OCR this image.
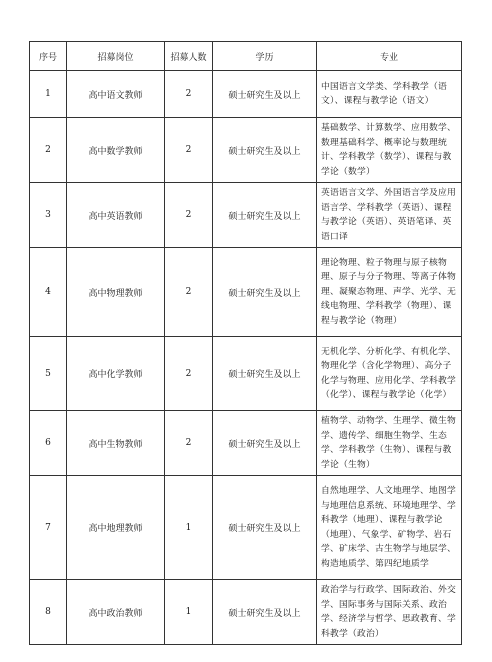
序号	招募岗位	招募人数	学历	专业
1	高中语文教师	2	硕士研究生及以上	中国语言文学类、学科教学（语文）、课程与教学论（语文）
2	高中数学教师	2	硕士研究生及以上	基础数学、计算数学、应用数学、数理基础科学、概率论与数理统计、学科教学（数学）、课程与教学论（数学）
3	高中英语教师	2	硕士研究生及以上	英语语言文学、外国语言学及应用语言学、学科教学（英语）、课程与教学论（英语）、英语笔译、英语口译
4	高中物理教师	2	硕士研究生及以上	理论物理、粒子物理与原子核物理、原子与分子物理、等离子体物理、凝聚态物理、声学、光学、无线电物理、学科教学（物理）、课程与教学论（物理）
5	高中化学教师	2	硕士研究生及以上	无机化学、分析化学、有机化学、物理化学（含化学物理）、高分子化学与物理、应用化学、学科教学（化学）、课程与教学论（化学）
6	高中生物教师	2	硕士研究生及以上	植物学、动物学、生理学、微生物学、遗传学、细胞生物学、生态学、学科教学（生物）、课程与教学论（生物）
7	高中地理教师	1	硕士研究生及以上	自然地理学、人文地理学、地图学与地理信息系统、环境地理学、学科教学（地理）、课程与教学论（地理）、气象学、矿物学、岩石学、矿床学、古生物学与地层学、构造地质学、第四纪地质学
8	高中政治教师	1	硕士研究生及以上	政治学与行政学、国际政治、外交学、国际事务与国际关系、政治学、经济学与哲学、思政教育、学科教学（政治）
